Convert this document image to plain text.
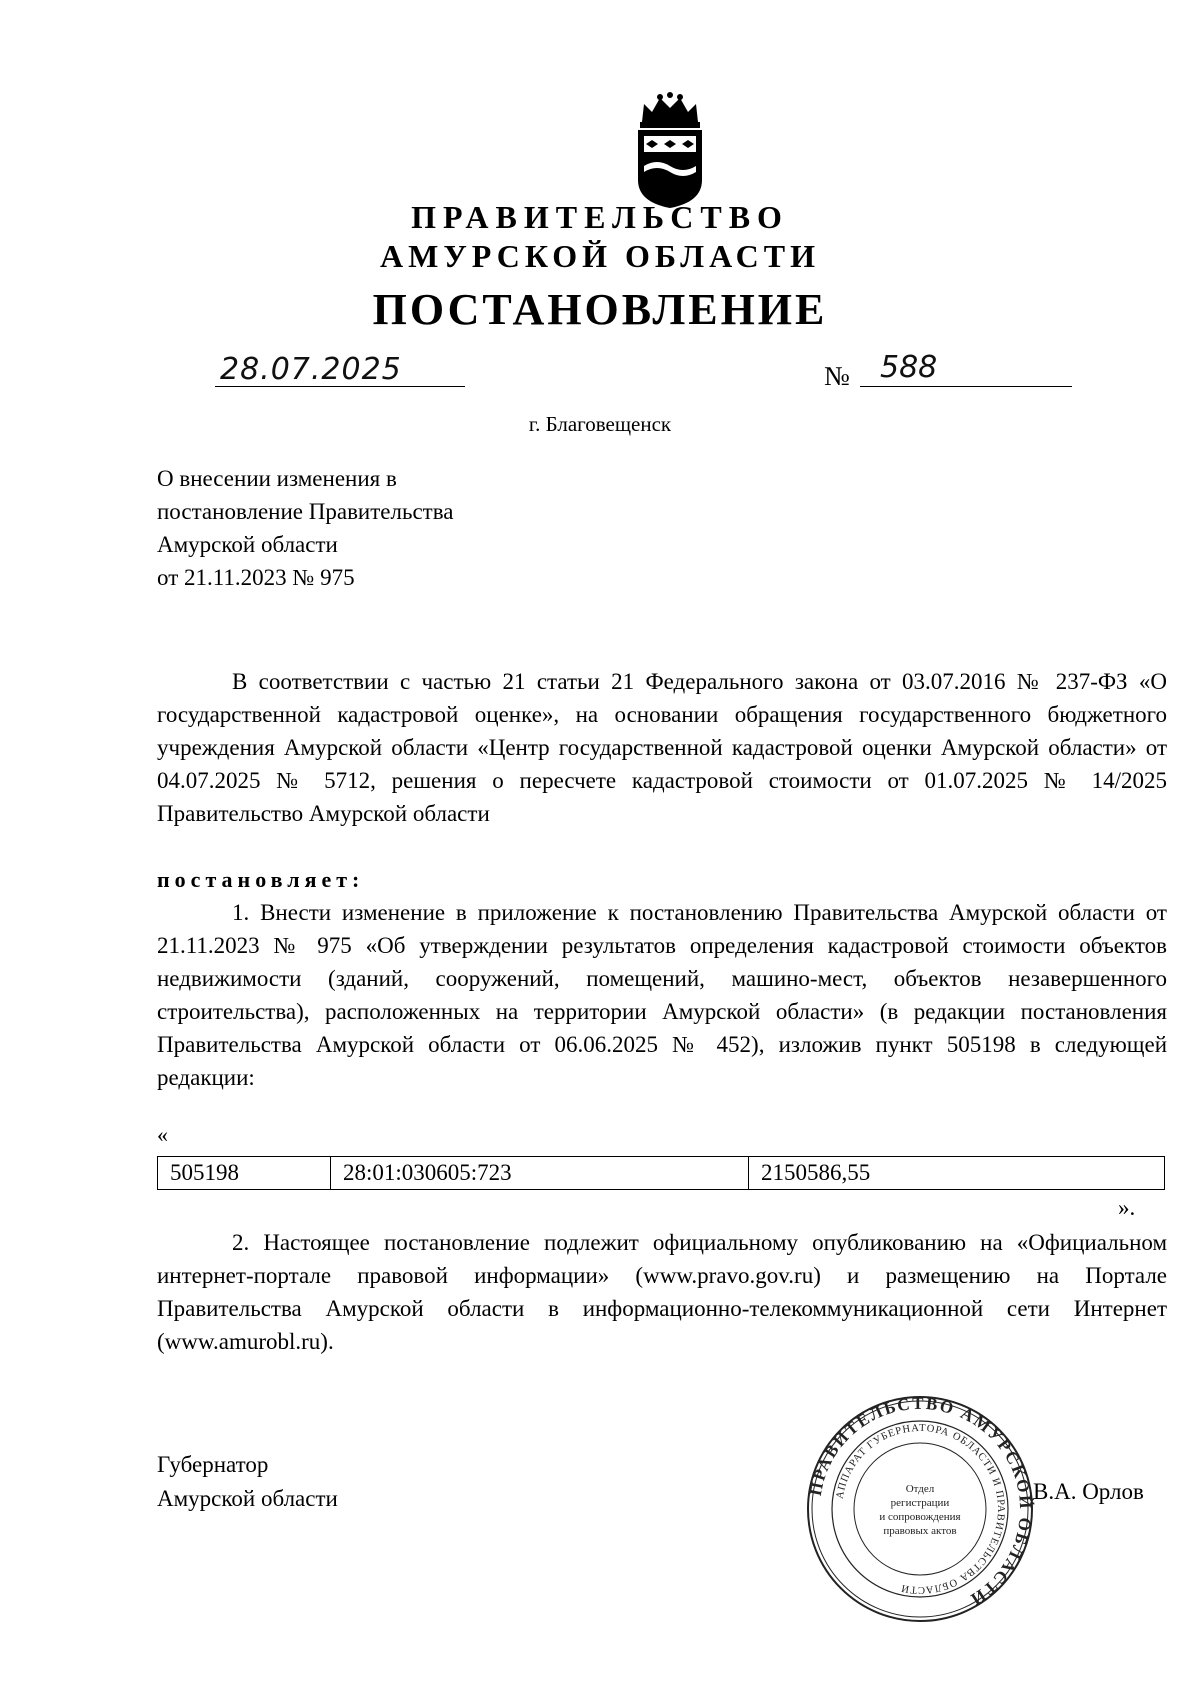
ПРАВИТЕЛЬСТВО
АМУРСКОЙ ОБЛАСТИ
ПОСТАНОВЛЕНИЕ
28.07.2025	№ 588
г. Благовещенск
О внесении изменения в
постановление Правительства
Амурской области
от 21.11.2023 № 975
В соответствии с частью 21 статьи 21 Федерального закона от 03.07.2016 № 237-ФЗ «О государственной кадастровой оценке», на основании обращения государственного бюджетного учреждения Амурской области «Центр государственной кадастровой оценки Амурской области» от 04.07.2025 № 5712, решения о пересчете кадастровой стоимости от 01.07.2025 № 14/2025 Правительство Амурской области
постановляет:
1. Внести изменение в приложение к постановлению Правительства Амурской области от 21.11.2023 № 975 «Об утверждении результатов определения кадастровой стоимости объектов недвижимости (зданий, сооружений, помещений, машино-мест, объектов незавершенного строительства), расположенных на территории Амурской области» (в редакции постановления Правительства Амурской области от 06.06.2025 № 452), изложив пункт 505198 в следующей редакции:
«
505198	28:01:030605:723	2150586,55
».
2. Настоящее постановление подлежит официальному опубликованию на «Официальном интернет-портале правовой информации» (www.pravo.gov.ru) и размещению на Портале Правительства Амурской области в информационно-телекоммуникационной сети Интернет (www.amurobl.ru).
Губернатор
Амурской области	ПРАВИТЕЛЬСТВО АМУРСКОЙ ОБЛАСТИ
АППАРАТ ГУБЕРНАТОРА ОБЛАСТИ И ПРАВИТЕЛЬСТВА ОБЛАСТИ
Отдел
регистрации
и сопровождения
правовых актов
В.А. Орлов
